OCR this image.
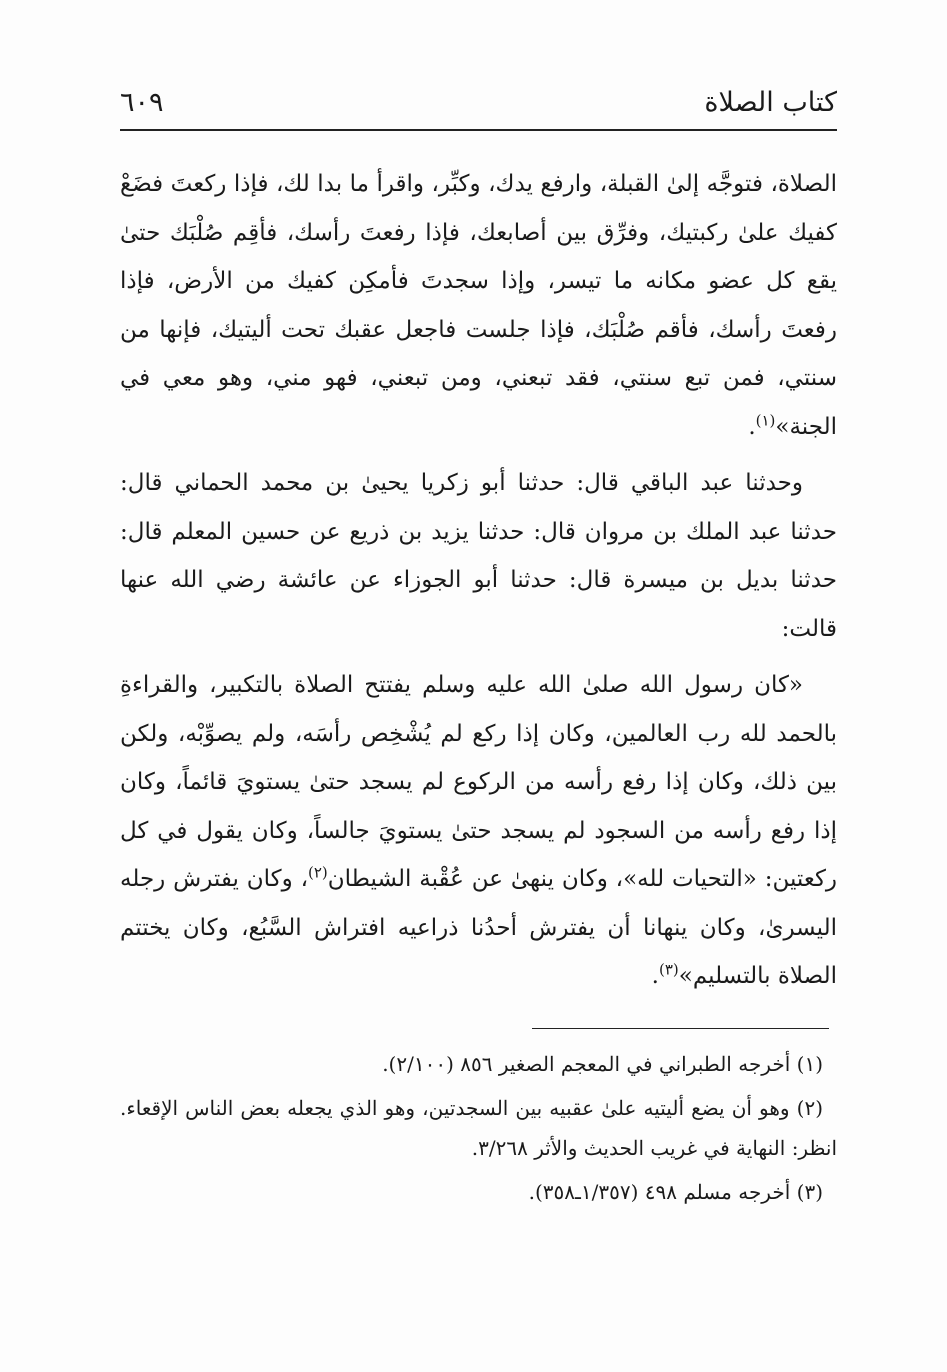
كتاب الصلاة
٦٠٩

الصلاة، فتوجَّه إلىٰ القبلة، وارفع يدك، وكبِّر، واقرأ ما بدا لك، فإذا ركعتَ فضَعْ كفيك علىٰ ركبتيك، وفرِّق بين أصابعك، فإذا رفعتَ رأسك، فأقِم صُلْبَك حتىٰ يقع كل عضو مكانه ما تيسر، وإذا سجدتَ فأمكِن كفيك من الأرض، فإذا رفعتَ رأسك، فأقم صُلْبَك، فإذا جلست فاجعل عقبك تحت أليتيك، فإنها من سنتي، فمن تبع سنتي، فقد تبعني، ومن تبعني، فهو مني، وهو معي في الجنة»$^{(١)}$.

وحدثنا عبد الباقي قال: حدثنا أبو زكريا يحيىٰ بن محمد الحماني قال: حدثنا عبد الملك بن مروان قال: حدثنا يزيد بن ذريع عن حسين المعلم قال: حدثنا بديل بن ميسرة قال: حدثنا أبو الجوزاء عن عائشة رضي الله عنها قالت:

«كان رسول الله صلىٰ الله عليه وسلم يفتتح الصلاة بالتكبير، والقراءةِ بالحمد لله رب العالمين، وكان إذا ركع لم يُشْخِص رأسَه، ولم يصوِّبْه، ولكن بين ذلك، وكان إذا رفع رأسه من الركوع لم يسجد حتىٰ يستويَ قائماً، وكان إذا رفع رأسه من السجود لم يسجد حتىٰ يستويَ جالساً، وكان يقول في كل ركعتين: «التحيات لله»، وكان ينهىٰ عن عُقْبة الشيطان$^{(٢)}$، وكان يفترش رجله اليسرىٰ، وكان ينهانا أن يفترش أحدُنا ذراعيه افتراش السَّبُع، وكان يختتم الصلاة بالتسليم»$^{(٣)}$.

(١) أخرجه الطبراني في المعجم الصغير ٨٥٦ (٢/١٠٠).

(٢) وهو أن يضع أليتيه علىٰ عقبيه بين السجدتين، وهو الذي يجعله بعض الناس الإقعاء. انظر: النهاية في غريب الحديث والأثر ٣/٢٦٨.

(٣) أخرجه مسلم ٤٩٨ (١/٣٥٧ـ٣٥٨).
